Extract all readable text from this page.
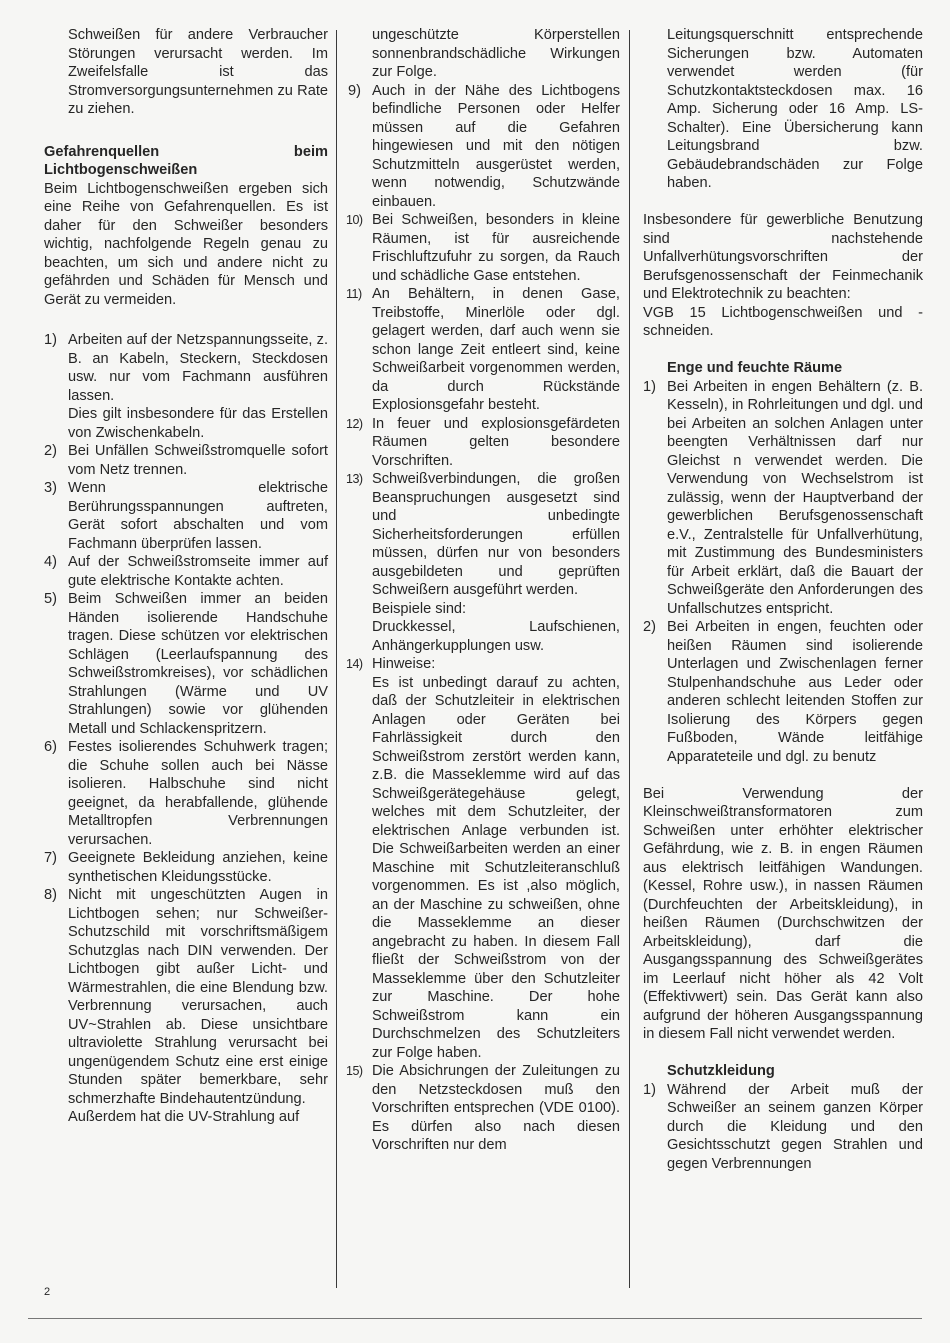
Schweißen für andere Verbraucher Störungen verursacht werden. Im Zweifelsfalle ist das Stromversorgungsunternehmen zu Rate zu ziehen.

Gefahrenquellen beim Lichtbogenschweißen

Beim Lichtbogenschweißen ergeben sich eine Reihe von Gefahrenquellen. Es ist daher für den Schweißer besonders wichtig, nachfolgende Regeln genau zu beachten, um sich und andere nicht zu gefährden und Schäden für Mensch und Gerät zu vermeiden.

1) Arbeiten auf der Netzspannungsseite, z. B. an Kabeln, Steckern, Steckdosen usw. nur vom Fachmann ausführen lassen.

Dies gilt insbesondere für das Erstellen von Zwischenkabeln.

2) Bei Unfällen Schweißstromquelle sofort vom Netz trennen.

3) Wenn elektrische Berührungsspannungen auftreten, Gerät sofort abschalten und vom Fachmann überprüfen lassen.

4) Auf der Schweißstromseite immer auf gute elektrische Kontakte achten.

5) Beim Schweißen immer an beiden Händen isolierende Handschuhe tragen. Diese schützen vor elektrischen Schlägen (Leerlaufspannung des Schweißstromkreises), vor schädlichen Strahlungen (Wärme und UV Strahlungen) sowie vor glühenden Metall und Schlackenspritzern.

6) Festes isolierendes Schuhwerk tragen; die Schuhe sollen auch bei Nässe isolieren. Halbschuhe sind nicht geeignet, da herabfallende, glühende Metalltropfen Verbrennungen verursachen.

7) Geeignete Bekleidung anziehen, keine synthetischen Kleidungsstücke.

8) Nicht mit ungeschützten Augen in Lichtbogen sehen; nur Schweißer-Schutzschild mit vorschriftsmäßigem Schutzglas nach DIN verwenden. Der Lichtbogen gibt außer Licht- und Wärmestrahlen, die eine Blendung bzw. Verbrennung verursachen, auch UV~Strahlen ab. Diese unsichtbare ultraviolette Strahlung verursacht bei ungenügendem Schutz eine erst einige Stunden später bemerkbare, sehr schmerzhafte Bindehautentzündung.

Außerdem hat die UV-Strahlung auf

ungeschützte Körperstellen sonnenbrandschädliche Wirkungen zur Folge.

9) Auch in der Nähe des Lichtbogens befindliche Personen oder Helfer müssen auf die Gefahren hingewiesen und mit den nötigen Schutzmitteln ausgerüstet werden, wenn notwendig, Schutzwände einbauen.

10) Bei Schweißen, besonders in kleine Räumen, ist für ausreichende Frischluftzufuhr zu sorgen, da Rauch und schädliche Gase entstehen.

11) An Behältern, in denen Gase, Treibstoffe, Minerlöle oder dgl. gelagert werden, darf auch wenn sie schon lange Zeit entleert sind, keine Schweißarbeit vorgenommen werden, da durch Rückstände Explosionsgefahr besteht.

12) In feuer und explosionsgefärdeten Räumen gelten besondere Vorschriften.

13) Schweißverbindungen, die großen Beanspruchungen ausgesetzt sind und unbedingte Sicherheitsforderungen erfüllen müssen, dürfen nur von besonders ausgebildeten und geprüften Schweißern ausgeführt werden.

Beispiele sind:

Druckkessel, Laufschienen, Anhängerkupplungen usw.

14) Hinweise:

Es ist unbedingt darauf zu achten, daß der Schutzleiteir in elektrischen Anlagen oder Geräten bei Fahrlässigkeit durch den Schweißstrom zerstört werden kann, z.B. die Masseklemme wird auf das Schweißgerätegehäuse gelegt, welches mit dem Schutzleiter, der elektrischen Anlage verbunden ist. Die Schweißarbeiten werden an einer Maschine mit Schutzleiteranschluß vorgenommen. Es ist ,also möglich, an der Maschine zu schweißen, ohne die Masseklemme an dieser angebracht zu haben. In diesem Fall fließt der Schweißstrom von der Masseklemme über den Schutzleiter zur Maschine. Der hohe Schweißstrom kann ein Durchschmelzen des Schutzleiters zur Folge haben.

15) Die Absichrungen der Zuleitungen zu den Netzsteckdosen muß den Vorschriften entsprechen (VDE 0100). Es dürfen also nach diesen Vorschriften nur dem

Leitungsquerschnitt entsprechende Sicherungen bzw. Automaten verwendet werden (für Schutzkontaktsteckdosen max. 16 Amp. Sicherung oder 16 Amp. LS-Schalter). Eine Übersicherung kann Leitungsbrand bzw. Gebäudebrandschäden zur Folge haben.

Insbesondere für gewerbliche Benutzung sind nachstehende Unfallverhütungsvorschriften der Berufsgenossenschaft der Feinmechanik und Elektrotechnik zu beachten:

VGB 15 Lichtbogenschweißen und -schneiden.

Enge und feuchte Räume

1) Bei Arbeiten in engen Behältern (z. B. Kesseln), in Rohrleitungen und dgl. und bei Arbeiten an solchen Anlagen unter beengten Verhältnissen darf nur Gleichst n verwendet werden. Die Verwendung von Wechselstrom ist zulässig, wenn der Hauptverband der gewerblichen Berufsgenossenschaft e.V., Zentralstelle für Unfallverhütung, mit Zustimmung des Bundesministers für Arbeit erklärt, daß die Bauart der Schweißgeräte den Anforderungen des Unfallschutzes entspricht.

2) Bei Arbeiten in engen, feuchten oder heißen Räumen sind isolierende Unterlagen und Zwischenlagen ferner Stulpenhandschuhe aus Leder oder anderen schlecht leitenden Stoffen zur Isolierung des Körpers gegen Fußboden, Wände leitfähige Apparateteile und dgl. zu benutz

Bei Verwendung der Kleinschweißtransformatoren zum Schweißen unter erhöhter elektrischer Gefährdung, wie z. B. in engen Räumen aus elektrisch leitfähigen Wandungen. (Kessel, Rohre usw.), in nassen Räumen (Durchfeuchten der Arbeitskleidung), in heißen Räumen (Durchschwitzen der Arbeitskleidung), darf die Ausgangsspannung des Schweißgerätes im Leerlauf nicht höher als 42 Volt (Effektivwert) sein. Das Gerät kann also aufgrund der höheren Ausgangsspannung in diesem Fall nicht verwendet werden.

Schutzkleidung

1) Während der Arbeit muß der Schweißer an seinem ganzen Körper durch die Kleidung und den Gesichtsschutzt gegen Strahlen und gegen Verbrennungen

2
